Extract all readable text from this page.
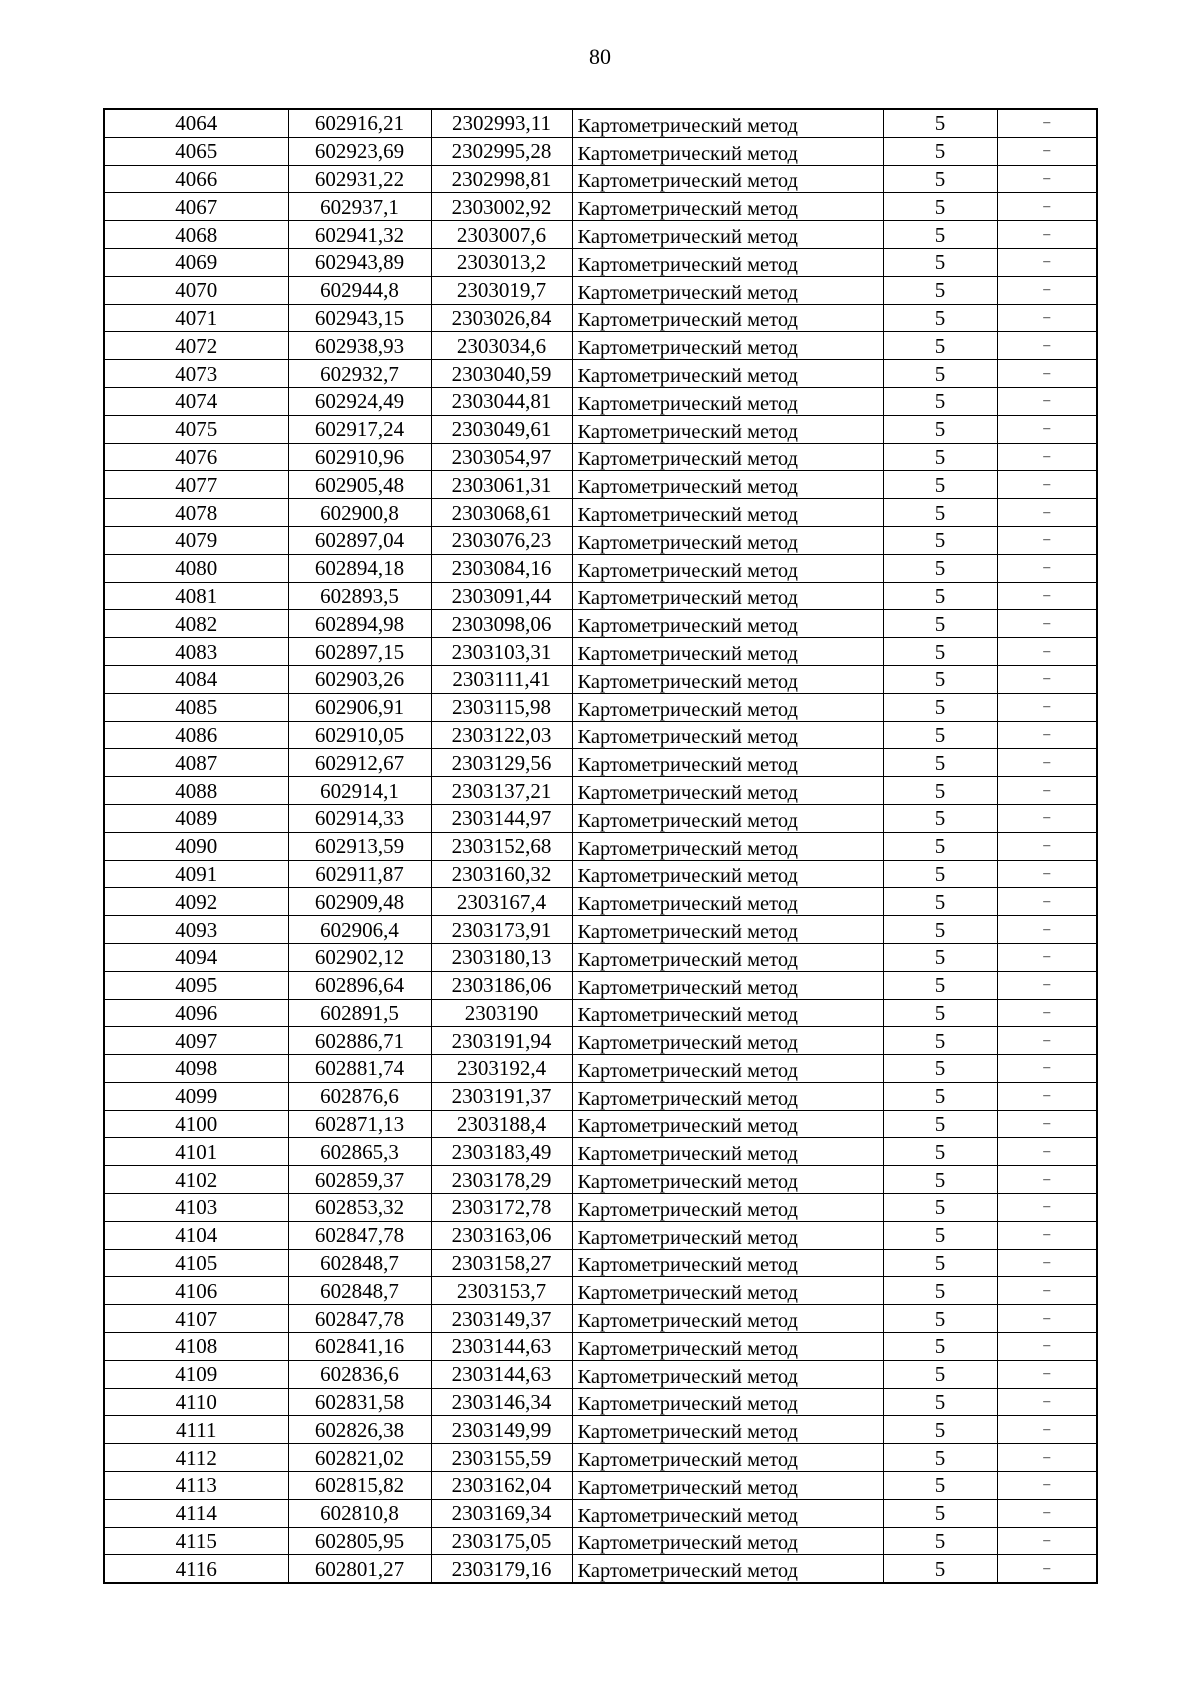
80
4064	602916,21	2302993,11	Картометрический метод	5	–
4065	602923,69	2302995,28	Картометрический метод	5	–
4066	602931,22	2302998,81	Картометрический метод	5	–
4067	602937,1	2303002,92	Картометрический метод	5	–
4068	602941,32	2303007,6	Картометрический метод	5	–
4069	602943,89	2303013,2	Картометрический метод	5	–
4070	602944,8	2303019,7	Картометрический метод	5	–
4071	602943,15	2303026,84	Картометрический метод	5	–
4072	602938,93	2303034,6	Картометрический метод	5	–
4073	602932,7	2303040,59	Картометрический метод	5	–
4074	602924,49	2303044,81	Картометрический метод	5	–
4075	602917,24	2303049,61	Картометрический метод	5	–
4076	602910,96	2303054,97	Картометрический метод	5	–
4077	602905,48	2303061,31	Картометрический метод	5	–
4078	602900,8	2303068,61	Картометрический метод	5	–
4079	602897,04	2303076,23	Картометрический метод	5	–
4080	602894,18	2303084,16	Картометрический метод	5	–
4081	602893,5	2303091,44	Картометрический метод	5	–
4082	602894,98	2303098,06	Картометрический метод	5	–
4083	602897,15	2303103,31	Картометрический метод	5	–
4084	602903,26	2303111,41	Картометрический метод	5	–
4085	602906,91	2303115,98	Картометрический метод	5	–
4086	602910,05	2303122,03	Картометрический метод	5	–
4087	602912,67	2303129,56	Картометрический метод	5	–
4088	602914,1	2303137,21	Картометрический метод	5	–
4089	602914,33	2303144,97	Картометрический метод	5	–
4090	602913,59	2303152,68	Картометрический метод	5	–
4091	602911,87	2303160,32	Картометрический метод	5	–
4092	602909,48	2303167,4	Картометрический метод	5	–
4093	602906,4	2303173,91	Картометрический метод	5	–
4094	602902,12	2303180,13	Картометрический метод	5	–
4095	602896,64	2303186,06	Картометрический метод	5	–
4096	602891,5	2303190	Картометрический метод	5	–
4097	602886,71	2303191,94	Картометрический метод	5	–
4098	602881,74	2303192,4	Картометрический метод	5	–
4099	602876,6	2303191,37	Картометрический метод	5	–
4100	602871,13	2303188,4	Картометрический метод	5	–
4101	602865,3	2303183,49	Картометрический метод	5	–
4102	602859,37	2303178,29	Картометрический метод	5	–
4103	602853,32	2303172,78	Картометрический метод	5	–
4104	602847,78	2303163,06	Картометрический метод	5	–
4105	602848,7	2303158,27	Картометрический метод	5	–
4106	602848,7	2303153,7	Картометрический метод	5	–
4107	602847,78	2303149,37	Картометрический метод	5	–
4108	602841,16	2303144,63	Картометрический метод	5	–
4109	602836,6	2303144,63	Картометрический метод	5	–
4110	602831,58	2303146,34	Картометрический метод	5	–
4111	602826,38	2303149,99	Картометрический метод	5	–
4112	602821,02	2303155,59	Картометрический метод	5	–
4113	602815,82	2303162,04	Картометрический метод	5	–
4114	602810,8	2303169,34	Картометрический метод	5	–
4115	602805,95	2303175,05	Картометрический метод	5	–
4116	602801,27	2303179,16	Картометрический метод	5	–
